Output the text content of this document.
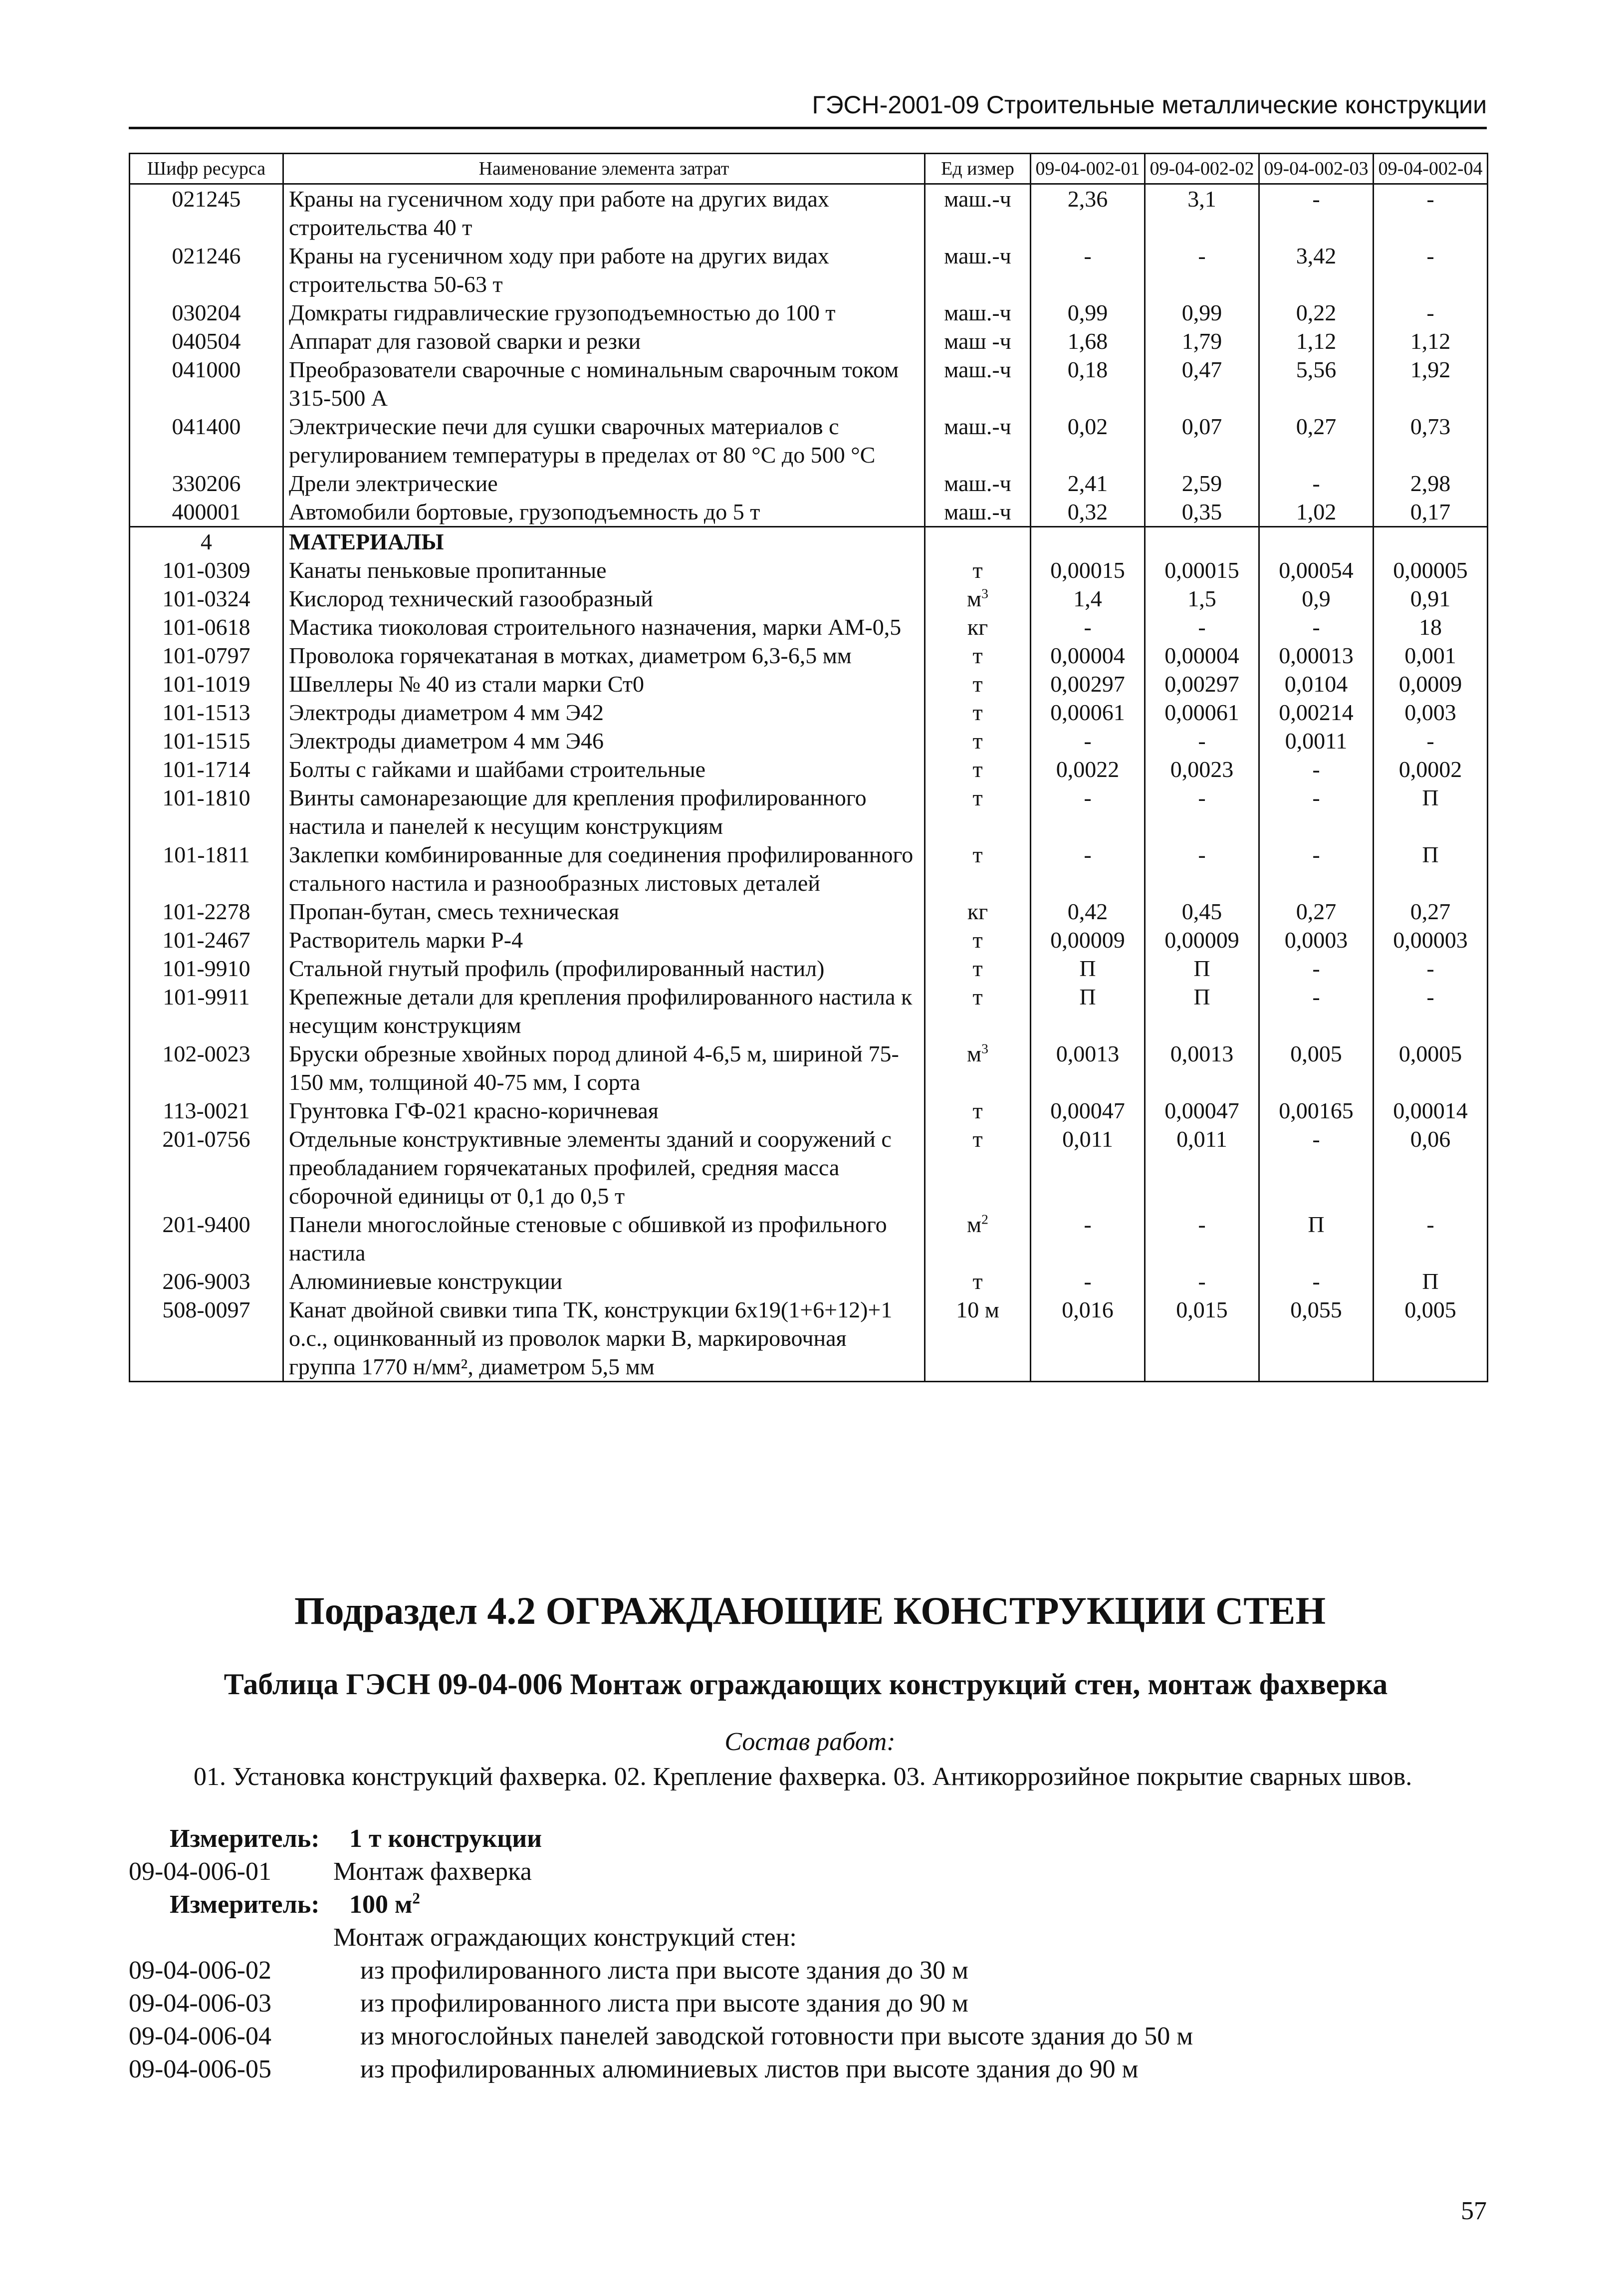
ГЭСН-2001-09 Строительные металлические конструкции
Шифр ресурса	Наименование элемента затрат	Ед измер	09-04-002-01	09-04-002-02	09-04-002-03	09-04-002-04
021245	Краны на гусеничном ходу при работе на других видах строительства 40 т	маш.-ч	2,36	3,1	-	-
021246	Краны на гусеничном ходу при работе на других видах строительства 50-63 т	маш.-ч	-	-	3,42	-
030204	Домкраты гидравлические грузоподъемностью до 100 т	маш.-ч	0,99	0,99	0,22	-
040504	Аппарат для газовой сварки и резки	маш -ч	1,68	1,79	1,12	1,12
041000	Преобразователи сварочные с номинальным сварочным током 315-500 А	маш.-ч	0,18	0,47	5,56	1,92
041400	Электрические печи для сушки сварочных материалов с регулированием температуры в пределах от 80 °С до 500 °С	маш.-ч	0,02	0,07	0,27	0,73
330206	Дрели электрические	маш.-ч	2,41	2,59	-	2,98
400001	Автомобили бортовые, грузоподъемность до 5 т	маш.-ч	0,32	0,35	1,02	0,17
4	МАТЕРИАЛЫ					
101-0309	Канаты пеньковые пропитанные	т	0,00015	0,00015	0,00054	0,00005
101-0324	Кислород технический газообразный	$м^3$	1,4	1,5	0,9	0,91
101-0618	Мастика тиоколовая строительного назначения, марки АМ-0,5	кг	-	-	-	18
101-0797	Проволока горячекатаная в мотках, диаметром 6,3-6,5 мм	т	0,00004	0,00004	0,00013	0,001
101-1019	Швеллеры № 40 из стали марки Ст0	т	0,00297	0,00297	0,0104	0,0009
101-1513	Электроды диаметром 4 мм Э42	т	0,00061	0,00061	0,00214	0,003
101-1515	Электроды диаметром 4 мм Э46	т	-	-	0,0011	-
101-1714	Болты с гайками и шайбами строительные	т	0,0022	0,0023	-	0,0002
101-1810	Винты самонарезающие для крепления профилированного настила и панелей к несущим конструкциям	т	-	-	-	П
101-1811	Заклепки комбинированные для соединения профилированного стального настила и разнообразных листовых деталей	т	-	-	-	П
101-2278	Пропан-бутан, смесь техническая	кг	0,42	0,45	0,27	0,27
101-2467	Растворитель марки Р-4	т	0,00009	0,00009	0,0003	0,00003
101-9910	Стальной гнутый профиль (профилированный настил)	т	П	П	-	-
101-9911	Крепежные детали для крепления профилированного настила к несущим конструкциям	т	П	П	-	-
102-0023	Бруски обрезные хвойных пород длиной 4-6,5 м, шириной 75-150 мм, толщиной 40-75 мм, I сорта	$м^3$	0,0013	0,0013	0,005	0,0005
113-0021	Грунтовка ГФ-021 красно-коричневая	т	0,00047	0,00047	0,00165	0,00014
201-0756	Отдельные конструктивные элементы зданий и сооружений с преобладанием горячекатаных профилей, средняя масса сборочной единицы от 0,1 до 0,5 т	т	0,011	0,011	-	0,06
201-9400	Панели многослойные стеновые с обшивкой из профильного настила	$м^2$	-	-	П	-
206-9003	Алюминиевые конструкции	т	-	-	-	П
508-0097	Канат двойной свивки типа ТК, конструкции 6х19(1+6+12)+1 о.с., оцинкованный из проволок марки В, маркировочная группа 1770 н/мм², диаметром 5,5 мм	10 м	0,016	0,015	0,055	0,005
Подраздел 4.2 ОГРАЖДАЮЩИЕ КОНСТРУКЦИИ СТЕН
Таблица ГЭСН 09-04-006 Монтаж ограждающих конструкций стен, монтаж фахверка
Состав работ:
01. Установка конструкций фахверка. 02. Крепление фахверка. 03. Антикоррозийное покрытие сварных швов.
Измеритель: 1 т конструкции
09-04-006-01 Монтаж фахверка
Измеритель: 100 $м^2$
Монтаж ограждающих конструкций стен:
09-04-006-02	из профилированного листа при высоте здания до 30 м
09-04-006-03	из профилированного листа при высоте здания до 90 м
09-04-006-04	из многослойных панелей заводской готовности при высоте здания до 50 м
09-04-006-05	из профилированных алюминиевых листов при высоте здания до 90 м
57
